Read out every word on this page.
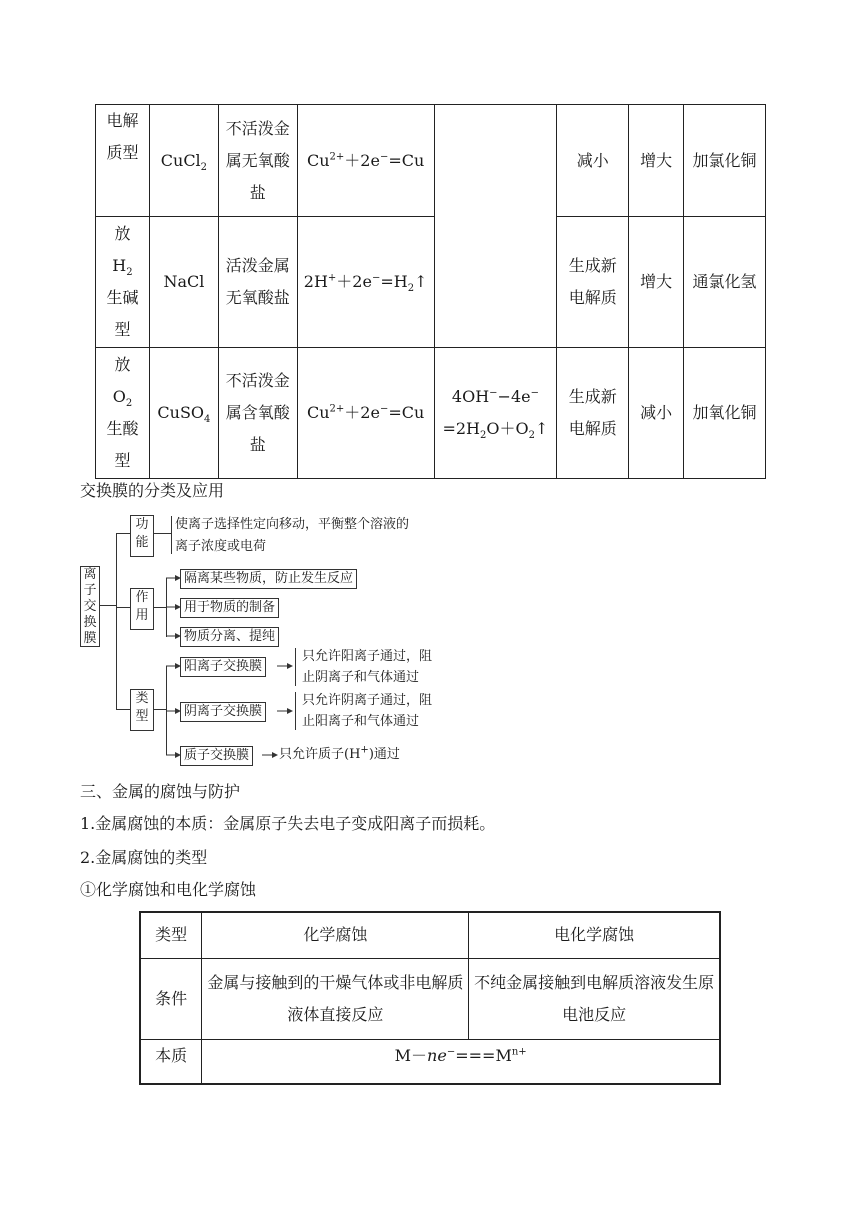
电解质型	CuCl$_2$	不活泼金属无氧酸盐	$Cu^{2+}+2e^-=Cu$		减小	增大	加氯化铜
放
$H_2$
生碱
型	NaCl	活泼金属无氧酸盐	$2H^++2e^-=H_2↑$		生成新电解质	增大	通氯化氢
放
$O_2$
生酸
型	CuSO$_4$	不活泼金属含氧酸盐	$Cu^{2+}+2e^-=Cu$	4OH−−4e−
$=2H_2O+O_2↑$	生成新电解质	减小	加氧化铜
交换膜的分类及应用
离子交换膜
功能
作用
类型
使离子选择性定向移动，平衡整个溶液的
离子浓度或电荷
隔离某些物质，防止发生反应
用于物质的制备
物质分离、提纯
阳离子交换膜
阴离子交换膜
质子交换膜
只允许阳离子通过，阻
止阴离子和气体通过
只允许阴离子通过，阻
止阳离子和气体通过
只允许质子(H+)通过
三、金属的腐蚀与防护
1.金属腐蚀的本质：金属原子失去电子变成阳离子而损耗。
2.金属腐蚀的类型
①化学腐蚀和电化学腐蚀
类型	化学腐蚀	电化学腐蚀
条件	金属与接触到的干燥气体或非电解质液体直接反应	不纯金属接触到电解质溶液发生原电池反应
本质	$M-ne^-===M^{n+}$
